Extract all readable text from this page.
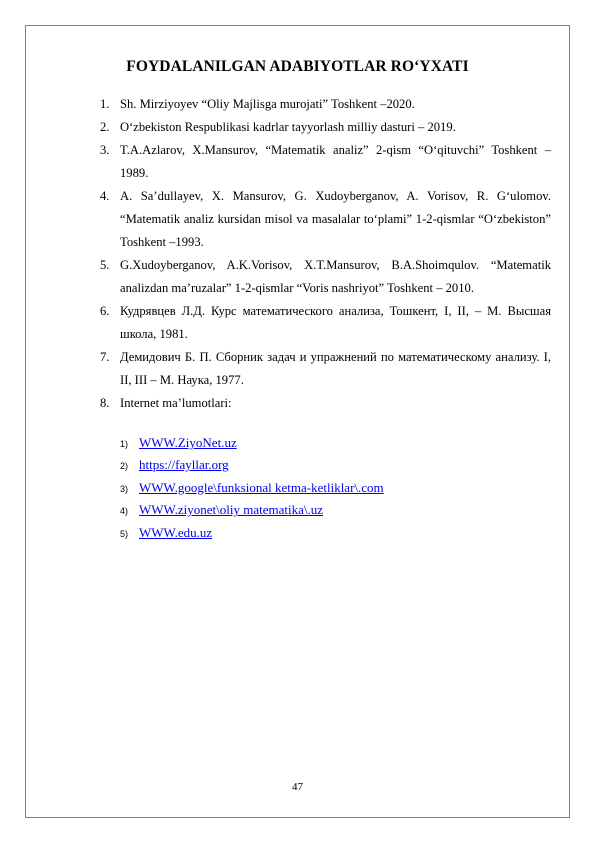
FOYDALANILGAN ADABIYOTLAR RO‘YXATI
1. Sh. Mirziyoyev “Oliy Majlisga murojati” Toshkent –2020.
2. O‘zbekiston Respublikasi kadrlar tayyorlash milliy dasturi – 2019.
3. T.A.Azlarov, X.Mansurov, “Matematik analiz” 2-qism “O‘qituvchi” Toshkent – 1989.
4. A. Sa’dullayev, X. Mansurov, G. Xudoyberganov, A. Vorisov, R. G‘ulomov. “Matematik analiz kursidan misol va masalalar to‘plami” 1-2-qismlar “O‘zbekiston” Toshkent –1993.
5. G.Xudoyberganov, A.K.Vorisov, X.T.Mansurov, B.A.Shoimqulov. “Matematik analizdan ma’ruzalar” 1-2-qismlar “Voris nashriyot” Toshkent – 2010.
6. Кудрявцев Л.Д. Курс математического анализа, Тошкент, I, II, – M. Высшая школа, 1981.
7. Демидович Б. П. Сборник задач и упражнений по математическому анализу. I, II, III – M. Наука, 1977.
8. Internet ma’lumotlari:
1) WWW.ZiyoNet.uz
2) https://fayllar.org
3) WWW.google\funksional ketma-ketliklar\.com
4) WWW.ziyonet\oliy matematika\.uz
5) WWW.edu.uz
47
